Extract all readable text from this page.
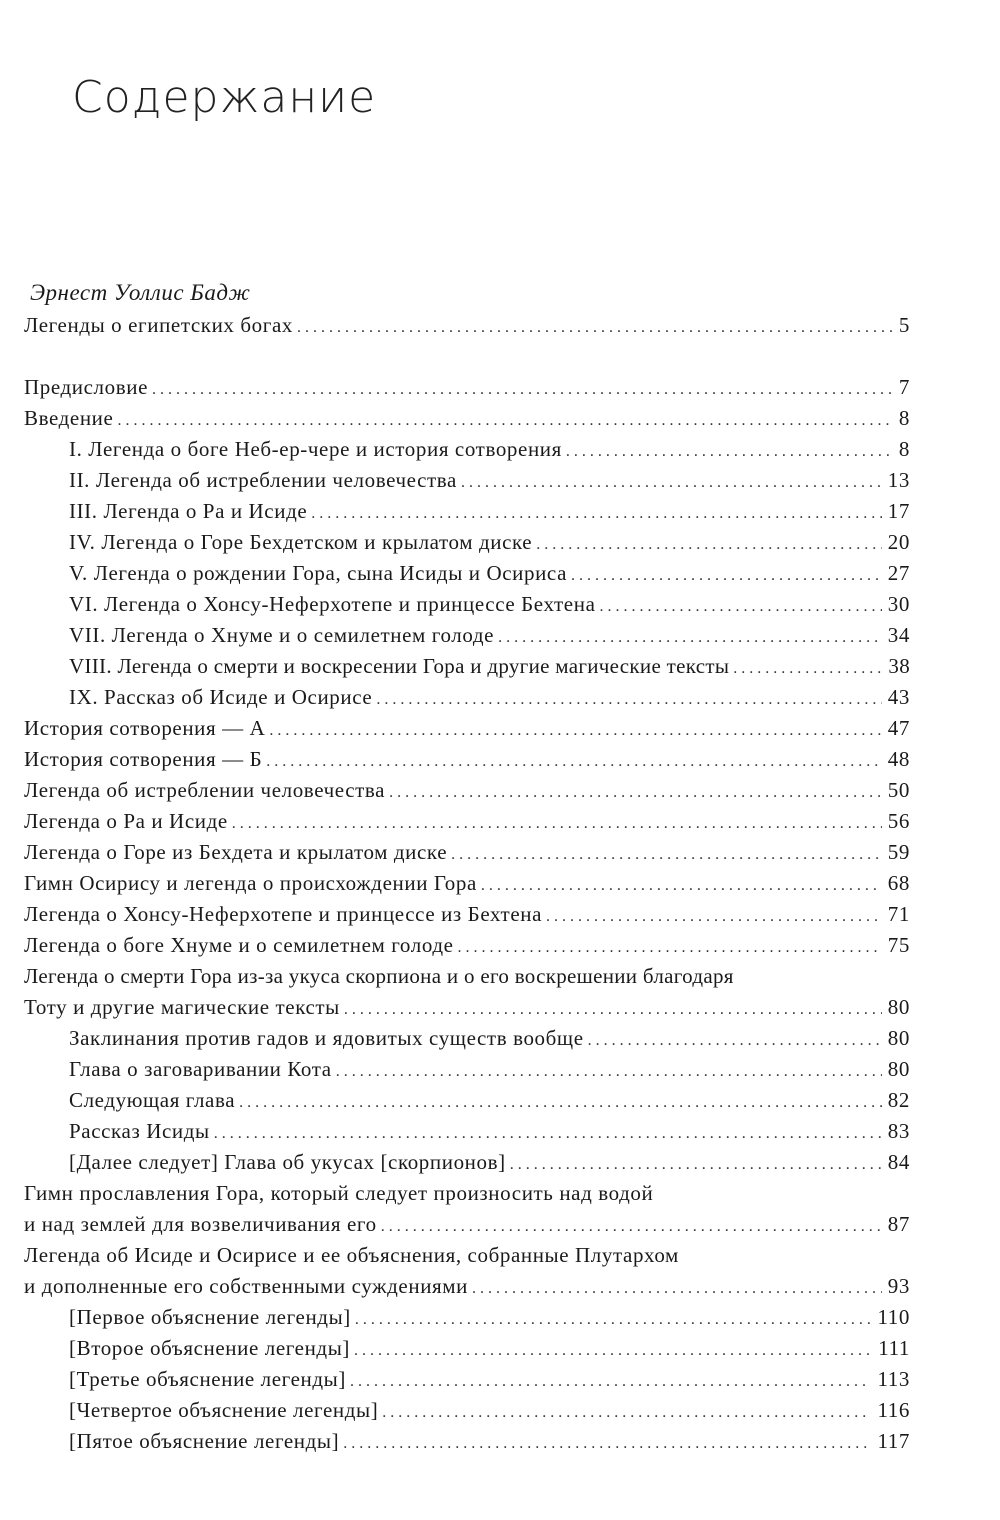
Содержание
Эрнест Уоллис Бадж
Легенды о египетских богах . . .	5
Предисловие . . .	7
Введение . . .	8
I. Легенда о боге Неб-ер-чере и история сотворения . . .	8
II. Легенда об истреблении человечества . . .	13
III. Легенда о Ра и Исиде . . .	17
IV. Легенда о Горе Бехдетском и крылатом диске . . .	20
V. Легенда о рождении Гора, сына Исиды и Осириса . . .	27
VI. Легенда о Хонсу-Неферхотепе и принцессе Бехтена . . .	30
VII. Легенда о Хнуме и о семилетнем голоде . . .	34
VIII. Легенда о смерти и воскресении Гора и другие магические тексты . . .	38
IX. Рассказ об Исиде и Осирисе . . .	43
История сотворения — А . . .	47
История сотворения — Б . . .	48
Легенда об истреблении человечества . . .	50
Легенда о Ра и Исиде . . .	56
Легенда о Горе из Бехдета и крылатом диске . . .	59
Гимн Осирису и легенда о происхождении Гора . . .	68
Легенда о Хонсу-Неферхотепе и принцессе из Бехтена . . .	71
Легенда о боге Хнуме и о семилетнем голоде . . .	75
Легенда о смерти Гора из-за укуса скорпиона и о его воскрешении благодаря
Тоту и другие магические тексты . . .	80
Заклинания против гадов и ядовитых существ вообще . . .	80
Глава о заговаривании Кота . . .	80
Следующая глава . . .	82
Рассказ Исиды . . .	83
[Далее следует] Глава об укусах [скорпионов] . . .	84
Гимн прославления Гора, который следует произносить над водой
и над землей для возвеличивания его . . .	87
Легенда об Исиде и Осирисе и ее объяснения, собранные Плутархом
и дополненные его собственными суждениями . . .	93
[Первое объяснение легенды] . . .	110
[Второе объяснение легенды] . . .	111
[Третье объяснение легенды] . . .	113
[Четвертое объяснение легенды] . . .	116
[Пятое объяснение легенды] . . .	117
